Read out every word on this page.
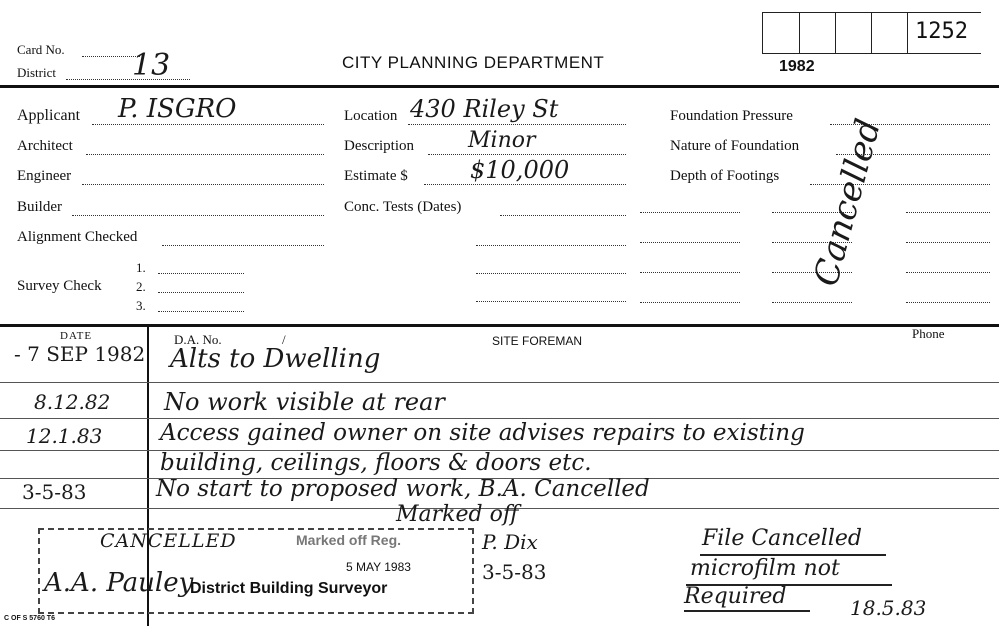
1252
Card No.
District	13	CITY PLANNING DEPARTMENT	1982
Applicant P. ISGRO
Architect
Engineer
Builder
Alignment Checked
Survey Check
1.
2.
3.
Location 430 Riley St
Description Minor
Estimate $	$10,000
Conc. Tests (Dates)
Foundation Pressure
Nature of Foundation
Depth of Footings Cancelled
DATE	D.A. No.	/	SITE FOREMAN	Phone
- 7 SEP 1982 Alts to Dwelling
8.12.82 No work visible at rear
12.1.83	Access gained owner on site advises repairs to existing
building, ceilings, floors & doors etc.
3-5-83	No start to proposed work, B.A. Cancelled
Marked off
CANCELLED	Marked off Reg.
5 MAY 1983
P. Dix
3-5-83
A.A. Pauley
District Building Surveyor
File Cancelled
microfilm not
Required	18.5.83
C OF S 5760 T6
